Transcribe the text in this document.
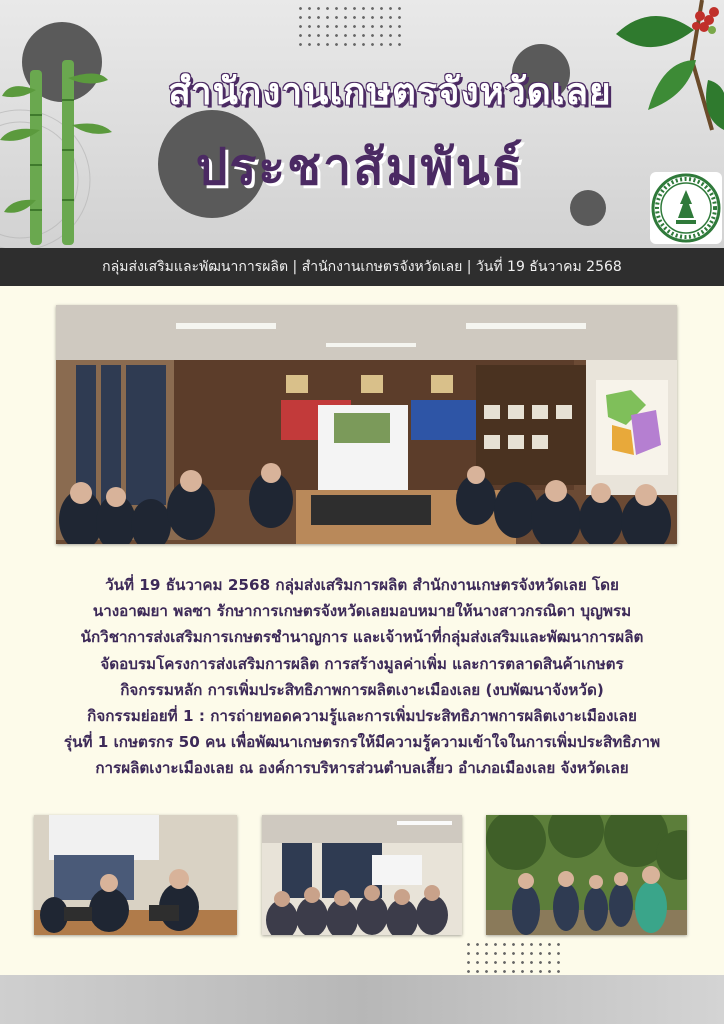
สำนักงานเกษตรจังหวัดเลย
ประชาสัมพันธ์
กลุ่มส่งเสริมและพัฒนาการผลิต | สำนักงานเกษตรจังหวัดเลย | วันที่ 19 ธันวาคม 2568
วันที่ 19 ธันวาคม 2568 กลุ่มส่งเสริมการผลิต สำนักงานเกษตรจังหวัดเลย โดย
นางอาฒยา พลซา รักษาการเกษตรจังหวัดเลยมอบหมายให้นางสาวกรณิดา บุญพรม
นักวิชาการส่งเสริมการเกษตรชำนาญการ และเจ้าหน้าที่กลุ่มส่งเสริมและพัฒนาการผลิต
จัดอบรมโครงการส่งเสริมการผลิต การสร้างมูลค่าเพิ่ม และการตลาดสินค้าเกษตร
กิจกรรมหลัก การเพิ่มประสิทธิภาพการผลิตเงาะเมืองเลย (งบพัฒนาจังหวัด)
กิจกรรมย่อยที่ 1 : การถ่ายทอดความรู้และการเพิ่มประสิทธิภาพการผลิตเงาะเมืองเลย
รุ่นที่ 1 เกษตรกร 50 คน เพื่อพัฒนาเกษตรกรให้มีความรู้ความเข้าใจในการเพิ่มประสิทธิภาพ
การผลิตเงาะเมืองเลย ณ องค์การบริหารส่วนตำบลเสี้ยว อำเภอเมืองเลย จังหวัดเลย
